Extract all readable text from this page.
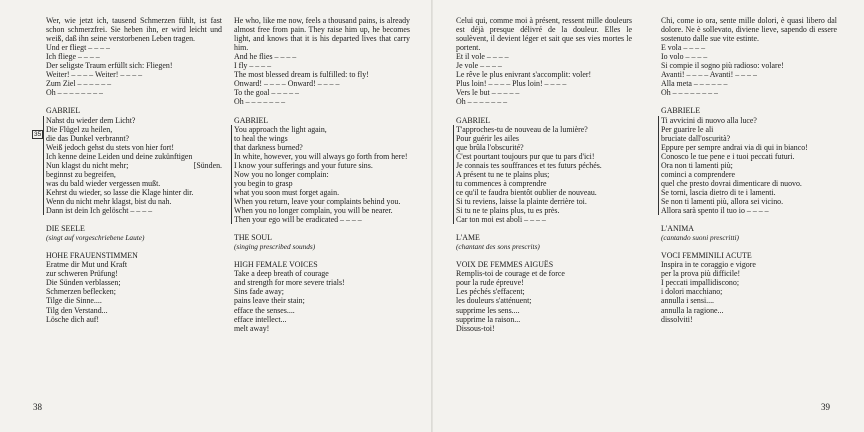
35
Wer, wie jetzt ich, tausend Schmerzen fühlt, ist fast schon schmerzfrei. Sie heben ihn, er wird leicht und weiß, daß ihn seine verstorbenen Leben tragen.
Und er fliegt – – – –
Ich fliege – – – –
Der seligste Traum erfüllt sich: Fliegen!
Weiter! – – – – Weiter! – – – –
Zum Ziel – – – – – –
Oh – – – – – – – –
GABRIEL
Nahst du wieder dem Licht?
Die Flügel zu heilen,
die das Dunkel verbrannt?
Weiß jedoch gehst du stets von hier fort!
Ich kenne deine Leiden und deine zukünftigen
Nun klagst du nicht mehr;	[Sünden.
beginnst zu begreifen,
was du bald wieder vergessen mußt.
Kehrst du wieder, so lasse die Klage hinter dir.
Wenn du nicht mehr klagst, bist du nah.
Dann ist dein Ich gelöscht – – – –
DIE SEELE
(singt auf vorgeschriebene Laute)
HOHE FRAUENSTIMMEN
Eratme dir Mut und Kraft
zur schweren Prüfung!
Die Sünden verblassen;
Schmerzen beflecken;
Tilge die Sinne....
Tilg den Verstand...
Lösche dich auf!
He who, like me now, feels a thousand pains, is already almost free from pain. They raise him up, he becomes light, and knows that it is his departed lives that carry him.
And he flies – – – –
I fly – – – –
The most blessed dream is fulfilled: to fly!
Onward! – – – – Onward! – – – –
To the goal – – – – –
Oh – – – – – – –
GABRIEL
You approach the light again,
to heal the wings
that darkness burned?
In white, however, you will always go forth from here!
I know your sufferings and your future sins.
Now you no longer complain:
you begin to grasp
what you soon must forget again.
When you return, leave your complaints behind you.
When you no longer complain, you will be nearer.
Then your ego will be eradicated – – – –
THE SOUL
(singing prescribed sounds)
HIGH FEMALE VOICES
Take a deep breath of courage
and strength for more severe trials!
Sins fade away;
pains leave their stain;
efface the senses....
efface intellect...
melt away!
Celui qui, comme moi à présent, ressent mille douleurs est déjà presque délivré de la douleur. Elles le soulèvent, il devient léger et sait que ses vies mortes le portent.
Et il vole – – – –
Je vole – – – –
Le rêve le plus enivrant s'accomplit: voler!
Plus loin! – – – – Plus loin! – – – –
Vers le but – – – – –
Oh – – – – – – –
GABRIEL
T'approches-tu de nouveau de la lumière?
Pour guérir les ailes
que brûla l'obscurité?
C'est pourtant toujours pur que tu pars d'ici!
Je connais tes souffrances et tes futurs péchés.
A présent tu ne te plains plus;
tu commences à comprendre
ce qu'il te faudra bientôt oublier de nouveau.
Si tu reviens, laisse la plainte derrière toi.
Si tu ne te plains plus, tu es près.
Car ton moi est aboli – – – –
L'AME
(chantant des sons prescrits)
VOIX DE FEMMES AIGUËS
Remplis-toi de courage et de force
pour la rude épreuve!
Les péchés s'effacent;
les douleurs s'atténuent;
supprime les sens....
supprime la raison...
Dissous-toi!
Chi, come io ora, sente mille dolori, è quasi libero dal dolore. Ne è sollevato, diviene lieve, sapendo di essere sostenuto dalle sue vite estinte.
E vola – – – –
Io volo – – – –
Si compie il sogno più radioso: volare!
Avanti! – – – – Avanti! – – – –
Alla meta – – – – – –
Oh – – – – – – – –
GABRIELE
Ti avvicini di nuovo alla luce?
Per guarire le ali
bruciate dall'oscurità?
Eppure per sempre andrai via di qui in bianco!
Conosco le tue pene e i tuoi peccati futuri.
Ora non ti lamenti più;
cominci a comprendere
quel che presto dovrai dimenticare di nuovo.
Se torni, lascia dietro di te i lamenti.
Se non ti lamenti più, allora sei vicino.
Allora sarà spento il tuo io – – – –
L'ANIMA
(cantando suoni prescritti)
VOCI FEMMINILI ACUTE
Inspira in te coraggio e vigore
per la prova più difficile!
I peccati impallidiscono;
i dolori macchiano;
annulla i sensi....
annulla la ragione...
dissolviti!
38	39
